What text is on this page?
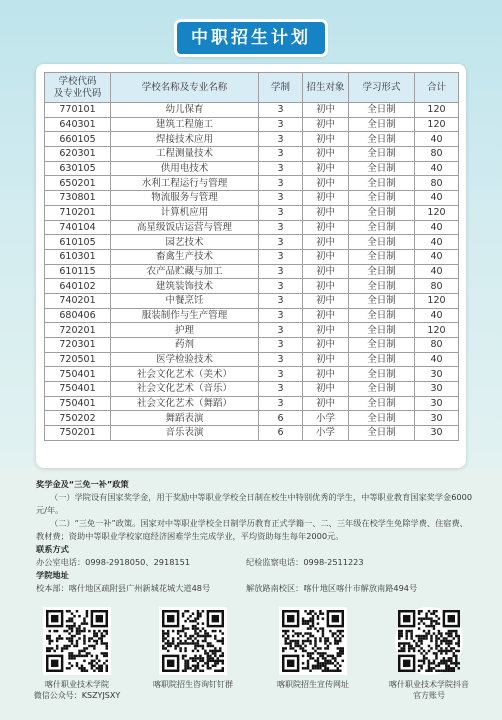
中职招生计划
学校代码
及专业代码	学校名称及专业名称	学制	招生对象	学习形式	合计
770101	幼儿保育	3	初中	全日制	120
640301	建筑工程施工	3	初中	全日制	120
660105	焊接技术应用	3	初中	全日制	40
620301	工程测量技术	3	初中	全日制	80
630105	供用电技术	3	初中	全日制	40
650201	水利工程运行与管理	3	初中	全日制	80
730801	物流服务与管理	3	初中	全日制	40
710201	计算机应用	3	初中	全日制	120
740104	高星级饭店运营与管理	3	初中	全日制	40
610105	园艺技术	3	初中	全日制	40
610301	畜禽生产技术	3	初中	全日制	40
610115	农产品贮藏与加工	3	初中	全日制	40
640102	建筑装饰技术	3	初中	全日制	80
740201	中餐烹饪	3	初中	全日制	120
680406	服装制作与生产管理	3	初中	全日制	40
720201	护理	3	初中	全日制	120
720301	药剂	3	初中	全日制	80
720501	医学检验技术	3	初中	全日制	40
750401	社会文化艺术（美术）	3	初中	全日制	30
750401	社会文化艺术（音乐）	3	初中	全日制	30
750401	社会文化艺术（舞蹈）	3	初中	全日制	30
750202	舞蹈表演	6	小学	全日制	30
750201	音乐表演	6	小学	全日制	30
奖学金及“三免一补”政策

（一）学院设有国家奖学金，用于奖励中等职业学校全日制在校生中特别优秀的学生，中等职业教育国家奖学金6000元/年。

（二）“三免一补”政策。国家对中等职业学校全日制学历教育正式学籍一、二、三年级在校学生免除学费、住宿费、教材费；资助中等职业学校家庭经济困难学生完成学业，平均资助每生每年2000元。

联系方式
办公室电话：0998-2918050、2918151	纪检监察电话：0998-2511223
学院地址
校本部：喀什地区疏附县广州新城花城大道48号	解放路南校区：喀什地区喀什市解放南路494号
喀什职业技术学院
微信公众号：KSZYJSXY
喀职院招生咨询钉钉群	喀职院招生宣传网址	喀什职业技术学院抖音
官方账号
